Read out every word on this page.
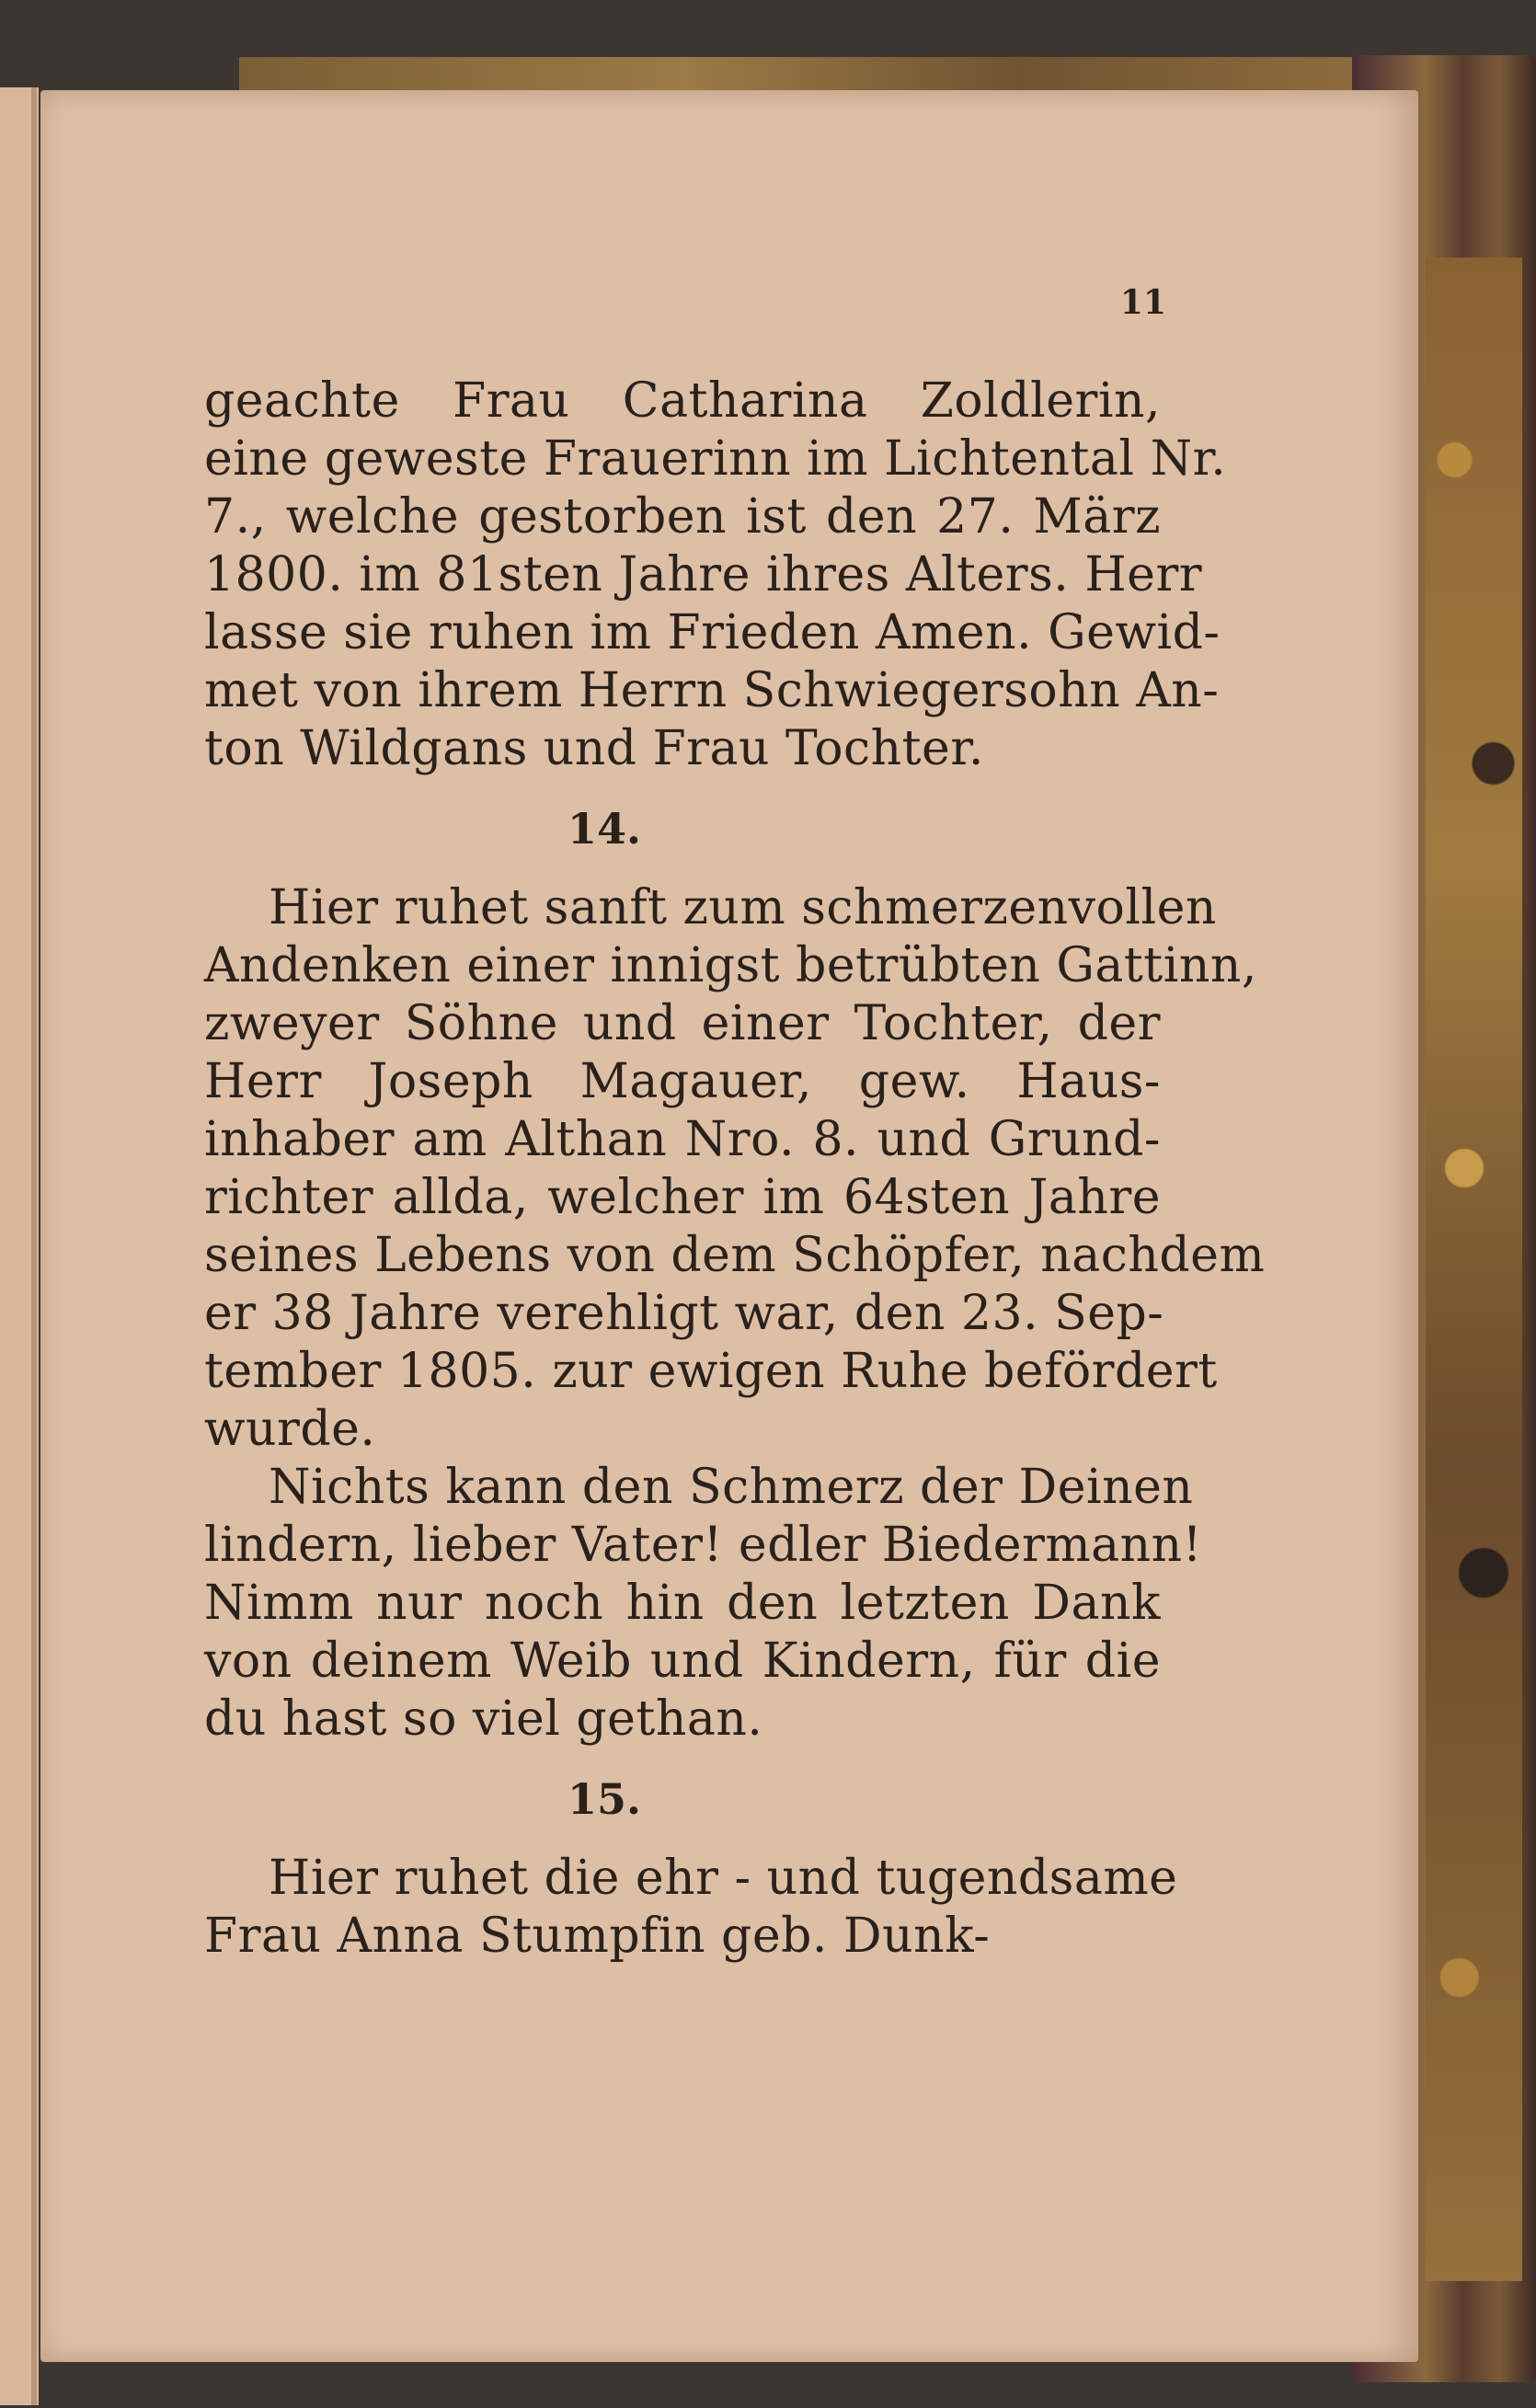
11
geachte Frau Catharina Zoldlerin,
eine geweste Frauerinn im Lichtental Nr.
7., welche gestorben ist den 27. März
1800. im 81sten Jahre ihres Alters. Herr
lasse sie ruhen im Frieden Amen. Gewid-
met von ihrem Herrn Schwiegersohn An-
ton Wildgans und Frau Tochter.
14.
Hier ruhet sanft zum schmerzenvollen
Andenken einer innigst betrübten Gattinn,
zweyer Söhne und einer Tochter, der
Herr Joseph Magauer, gew. Haus-
inhaber am Althan Nro. 8. und Grund-
richter allda, welcher im 64sten Jahre
seines Lebens von dem Schöpfer, nachdem
er 38 Jahre verehligt war, den 23. Sep-
tember 1805. zur ewigen Ruhe befördert
wurde.
Nichts kann den Schmerz der Deinen
lindern, lieber Vater! edler Biedermann!
Nimm nur noch hin den letzten Dank
von deinem Weib und Kindern, für die
du hast so viel gethan.
15.
Hier ruhet die ehr - und tugendsame
Frau Anna Stumpfin geb. Dunk-
